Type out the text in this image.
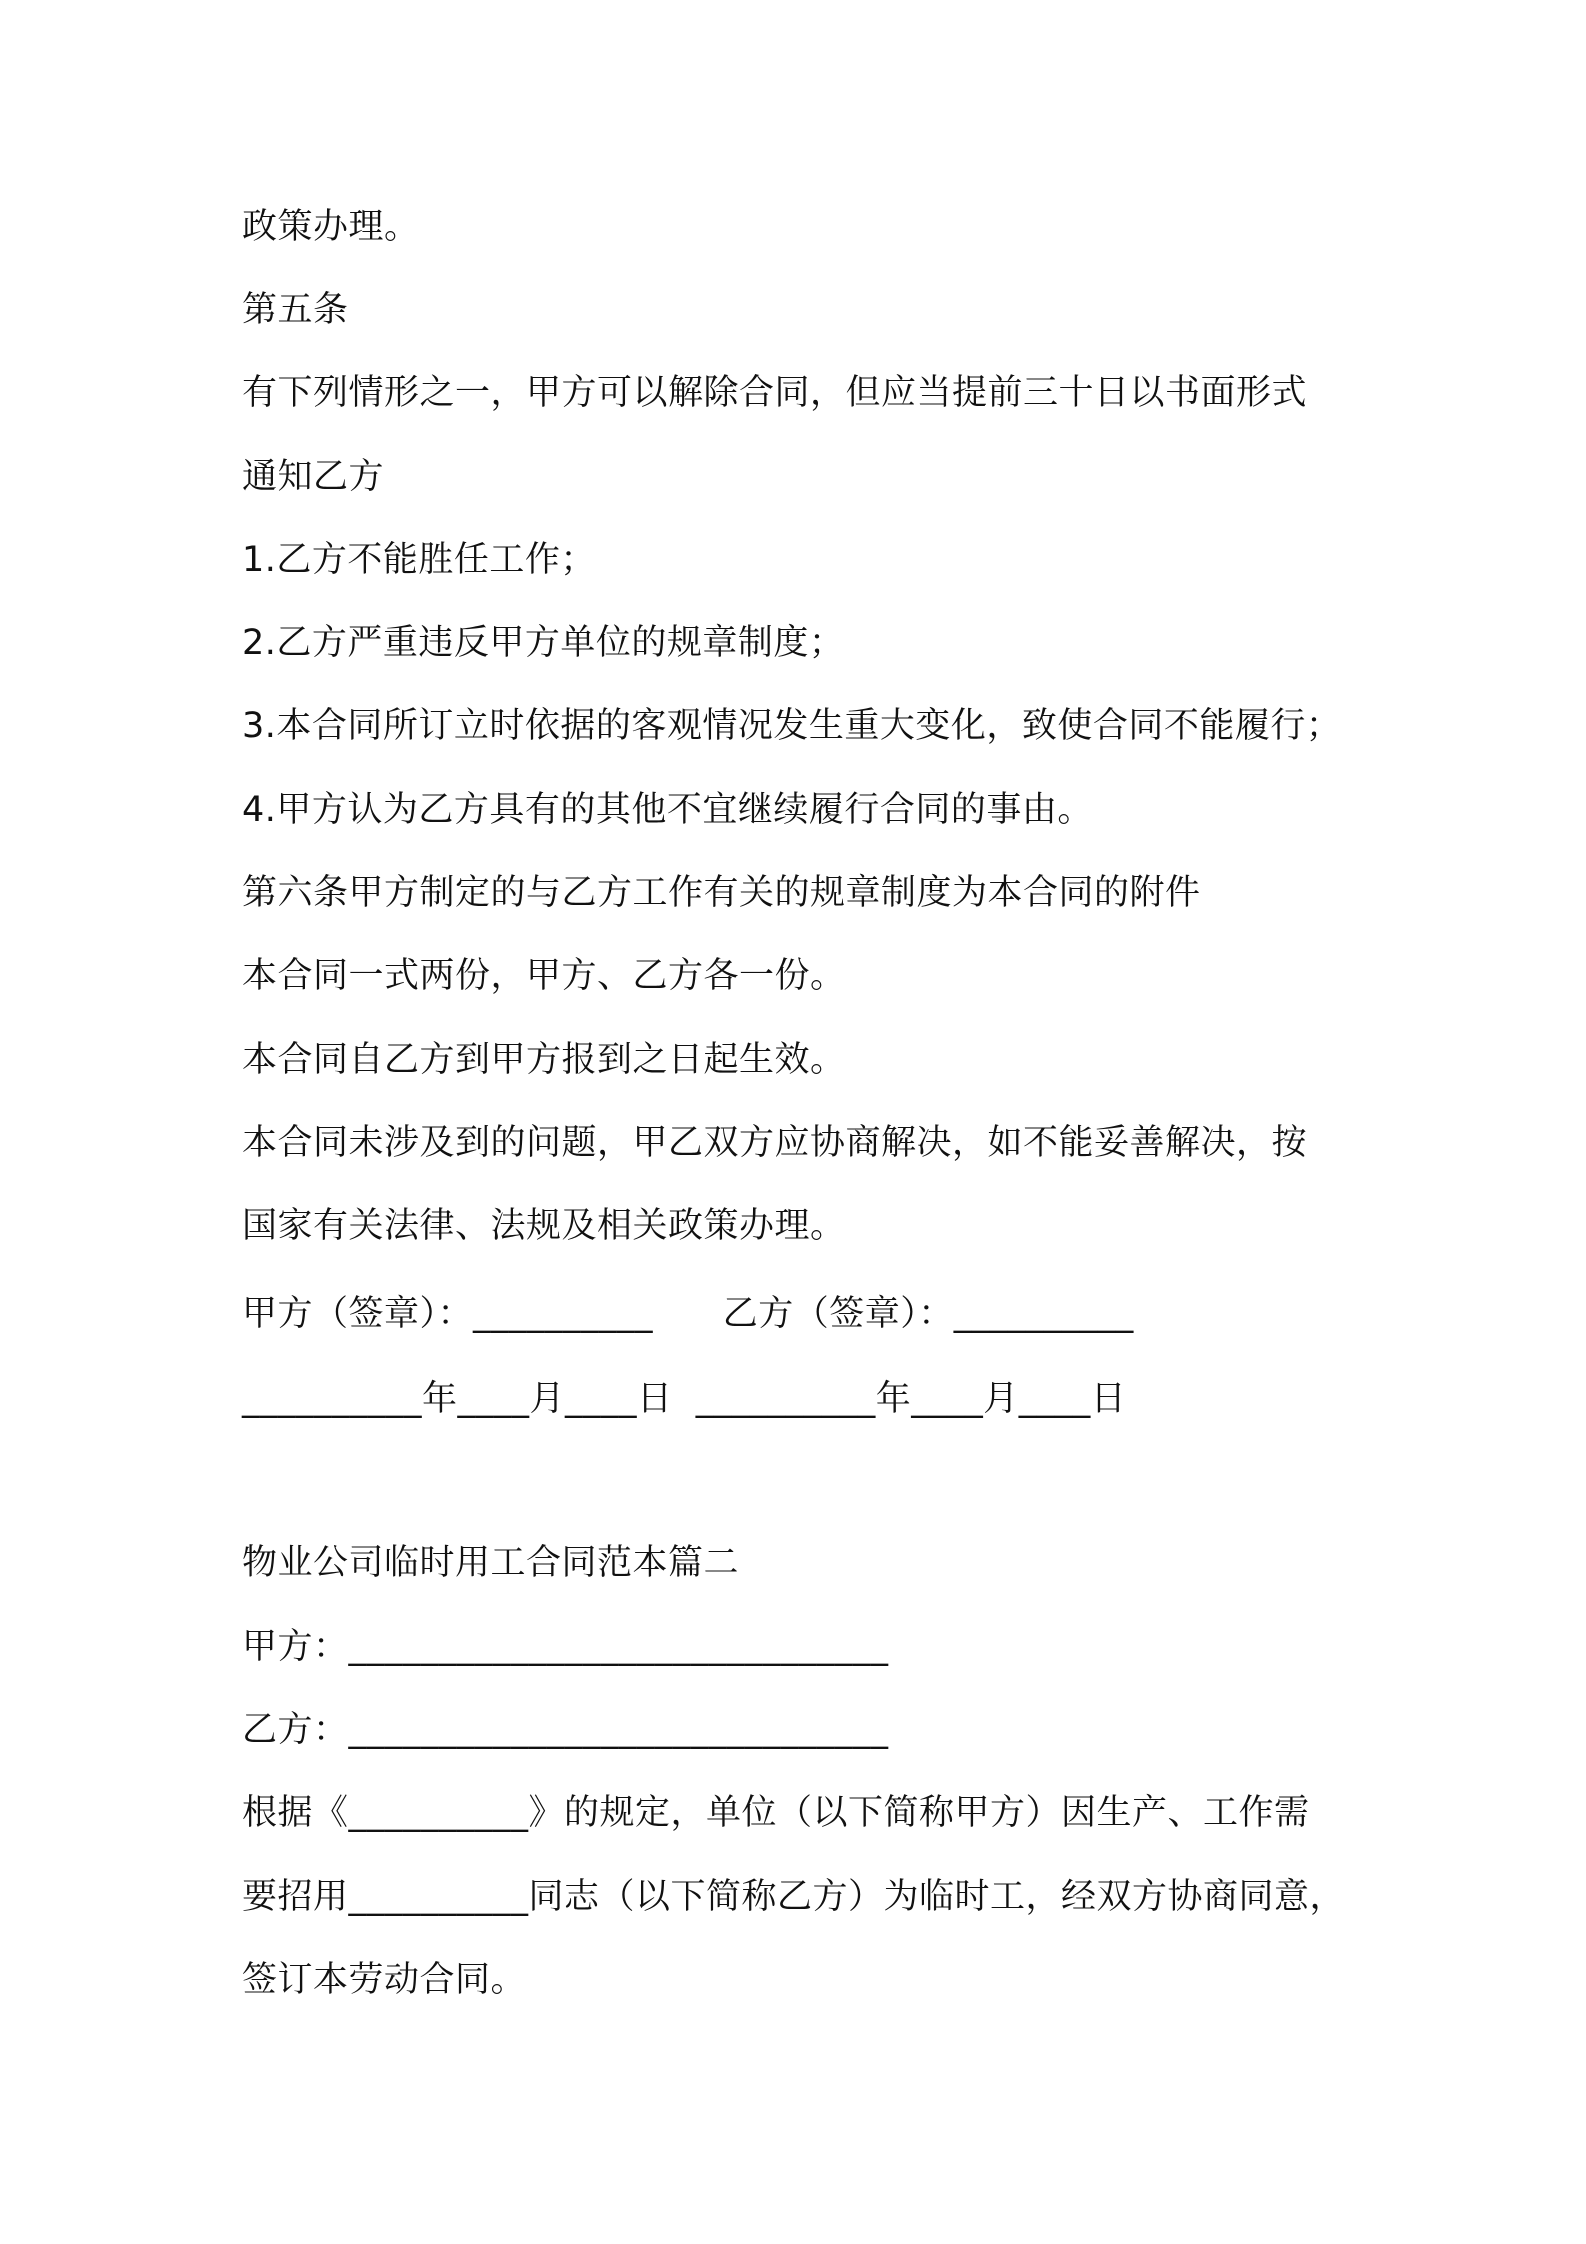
政策办理。
第五条
有下列情形之一，甲方可以解除合同，但应当提前三十日以书面形式
通知乙方
1.乙方不能胜任工作；
2.乙方严重违反甲方单位的规章制度；
3.本合同所订立时依据的客观情况发生重大变化，致使合同不能履行；
4.甲方认为乙方具有的其他不宜继续履行合同的事由。
第六条甲方制定的与乙方工作有关的规章制度为本合同的附件
本合同一式两份，甲方、乙方各一份。
本合同自乙方到甲方报到之日起生效。
本合同未涉及到的问题，甲乙双方应协商解决，如不能妥善解决，按
国家有关法律、法规及相关政策办理。
甲方（签章）：__________      乙方（签章）：__________
__________年____月____日  __________年____月____日
物业公司临时用工合同范本篇二
甲方：______________________________
乙方：______________________________
根据《__________》的规定，单位（以下简称甲方）因生产、工作需
要招用__________同志（以下简称乙方）为临时工，经双方协商同意，
签订本劳动合同。
